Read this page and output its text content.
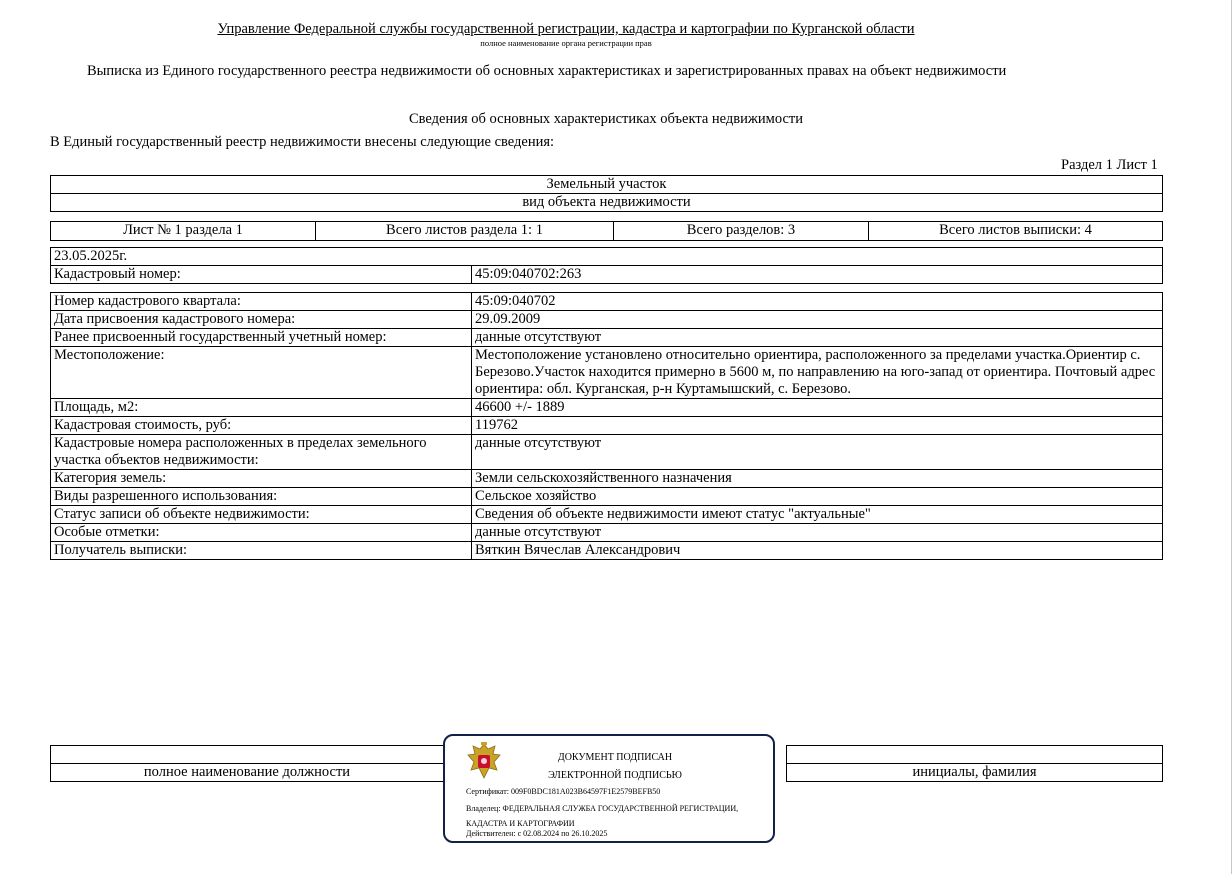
Управление Федеральной службы государственной регистрации, кадастра и картографии по Курганской области
полное наименование органа регистрации прав
Выписка из Единого государственного реестра недвижимости об основных характеристиках и зарегистрированных правах на объект недвижимости
Сведения об основных характеристиках объекта недвижимости
В Единый государственный реестр недвижимости внесены следующие сведения:
Раздел 1 Лист 1
Земельный участок
вид объекта недвижимости
Лист № 1 раздела 1	Всего листов раздела 1: 1	Всего разделов: 3	Всего листов выписки: 4
23.05.2025г.
Кадастровый номер:	45:09:040702:263
Номер кадастрового квартала:	45:09:040702
Дата присвоения кадастрового номера:	29.09.2009
Ранее присвоенный государственный учетный номер:	данные отсутствуют
Местоположение:	Местоположение установлено относительно ориентира, расположенного за пределами участка.Ориентир с. Березово.Участок находится примерно в 5600 м, по направлению на юго-запад от ориентира. Почтовый адрес ориентира: обл. Курганская, р-н Куртамышский, с. Березово.
Площадь, м2:	46600 +/- 1889
Кадастровая стоимость, руб:	119762
Кадастровые номера расположенных в пределах земельного участка объектов недвижимости:	данные отсутствуют
Категория земель:	Земли сельскохозяйственного назначения
Виды разрешенного использования:	Сельское хозяйство
Статус записи об объекте недвижимости:	Сведения об объекте недвижимости имеют статус "актуальные"
Особые отметки:	данные отсутствуют
Получатель выписки:	Вяткин Вячеслав Александрович

полное наименование должности		инициалы, фамилия
ДОКУМЕНТ ПОДПИСАН
ЭЛЕКТРОННОЙ ПОДПИСЬЮ
Сертификат: 009F0BDC181A023B64597F1E2579BEFB50
Владелец: ФЕДЕРАЛЬНАЯ СЛУЖБА ГОСУДАРСТВЕННОЙ РЕГИСТРАЦИИ, КАДАСТРА И КАРТОГРАФИИ
Действителен: с 02.08.2024 по 26.10.2025
